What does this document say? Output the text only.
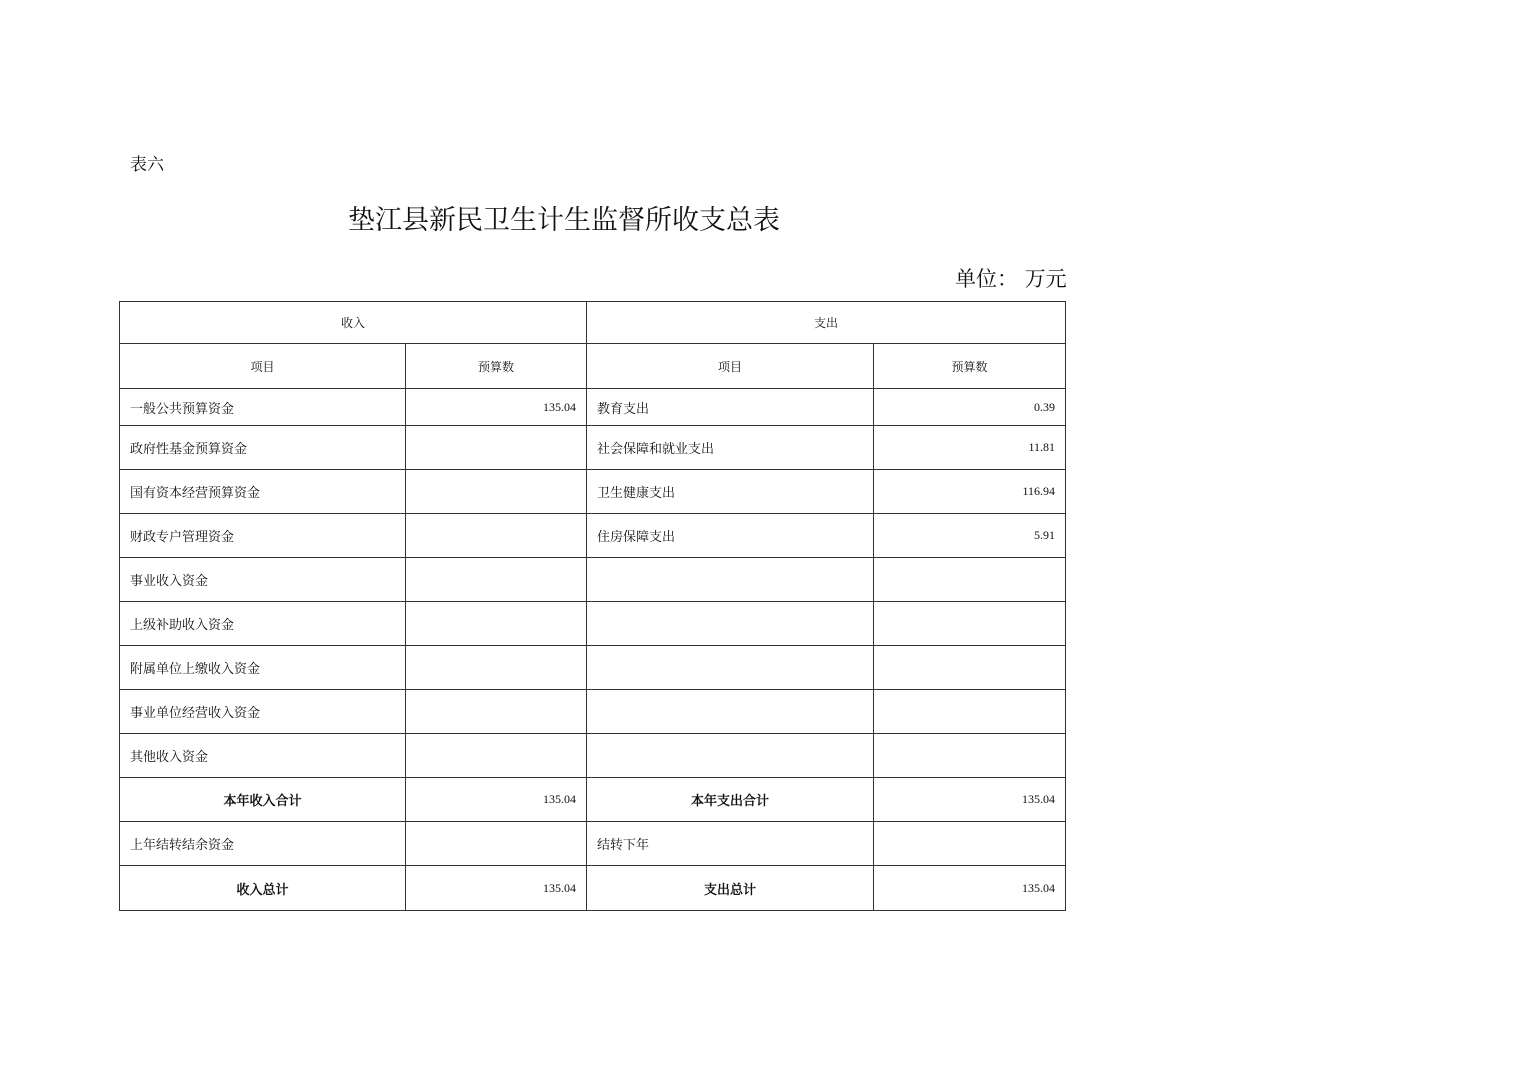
表六
垫江县新民卫生计生监督所收支总表
单位： 万元
收入		支出	
项目	预算数	项目	预算数
一般公共预算资金	135.04	教育支出	0.39
政府性基金预算资金		社会保障和就业支出	11.81
国有资本经营预算资金		卫生健康支出	116.94
财政专户管理资金		住房保障支出	5.91
事业收入资金			
上级补助收入资金			
附属单位上缴收入资金			
事业单位经营收入资金			
其他收入资金			
本年收入合计	135.04	本年支出合计	135.04
上年结转结余资金		结转下年	
收入总计	135.04	支出总计	135.04
